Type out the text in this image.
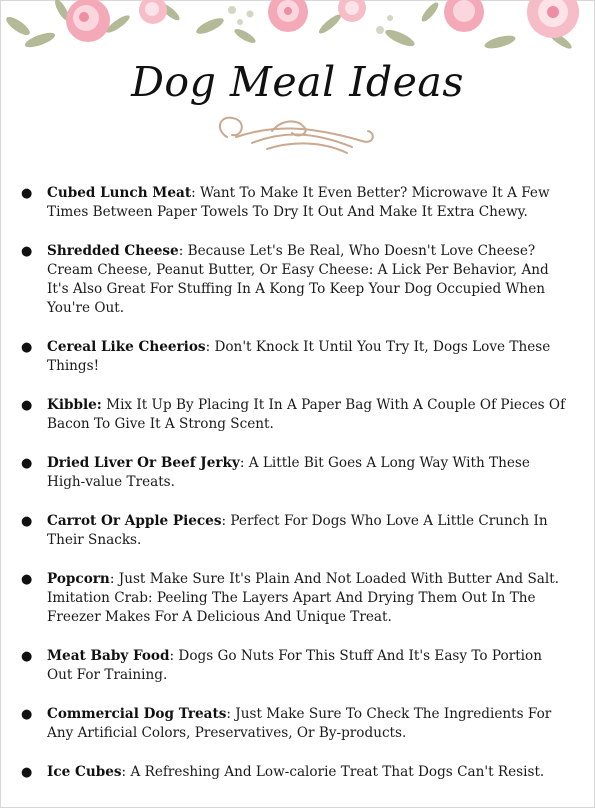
Dog Meal Ideas
● Cubed Lunch Meat: Want To Make It Even Better? Microwave It A Few Times Between Paper Towels To Dry It Out And Make It Extra Chewy.
● Shredded Cheese: Because Let's Be Real, Who Doesn't Love Cheese? Cream Cheese, Peanut Butter, Or Easy Cheese: A Lick Per Behavior, And It's Also Great For Stuffing In A Kong To Keep Your Dog Occupied When You're Out.
● Cereal Like Cheerios: Don't Knock It Until You Try It, Dogs Love These Things!
● Kibble: Mix It Up By Placing It In A Paper Bag With A Couple Of Pieces Of Bacon To Give It A Strong Scent.
● Dried Liver Or Beef Jerky: A Little Bit Goes A Long Way With These High-value Treats.
● Carrot Or Apple Pieces: Perfect For Dogs Who Love A Little Crunch In Their Snacks.
● Popcorn: Just Make Sure It's Plain And Not Loaded With Butter And Salt. Imitation Crab: Peeling The Layers Apart And Drying Them Out In The Freezer Makes For A Delicious And Unique Treat.
● Meat Baby Food: Dogs Go Nuts For This Stuff And It's Easy To Portion Out For Training.
● Commercial Dog Treats: Just Make Sure To Check The Ingredients For Any Artificial Colors, Preservatives, Or By-products.
● Ice Cubes: A Refreshing And Low-calorie Treat That Dogs Can't Resist.
